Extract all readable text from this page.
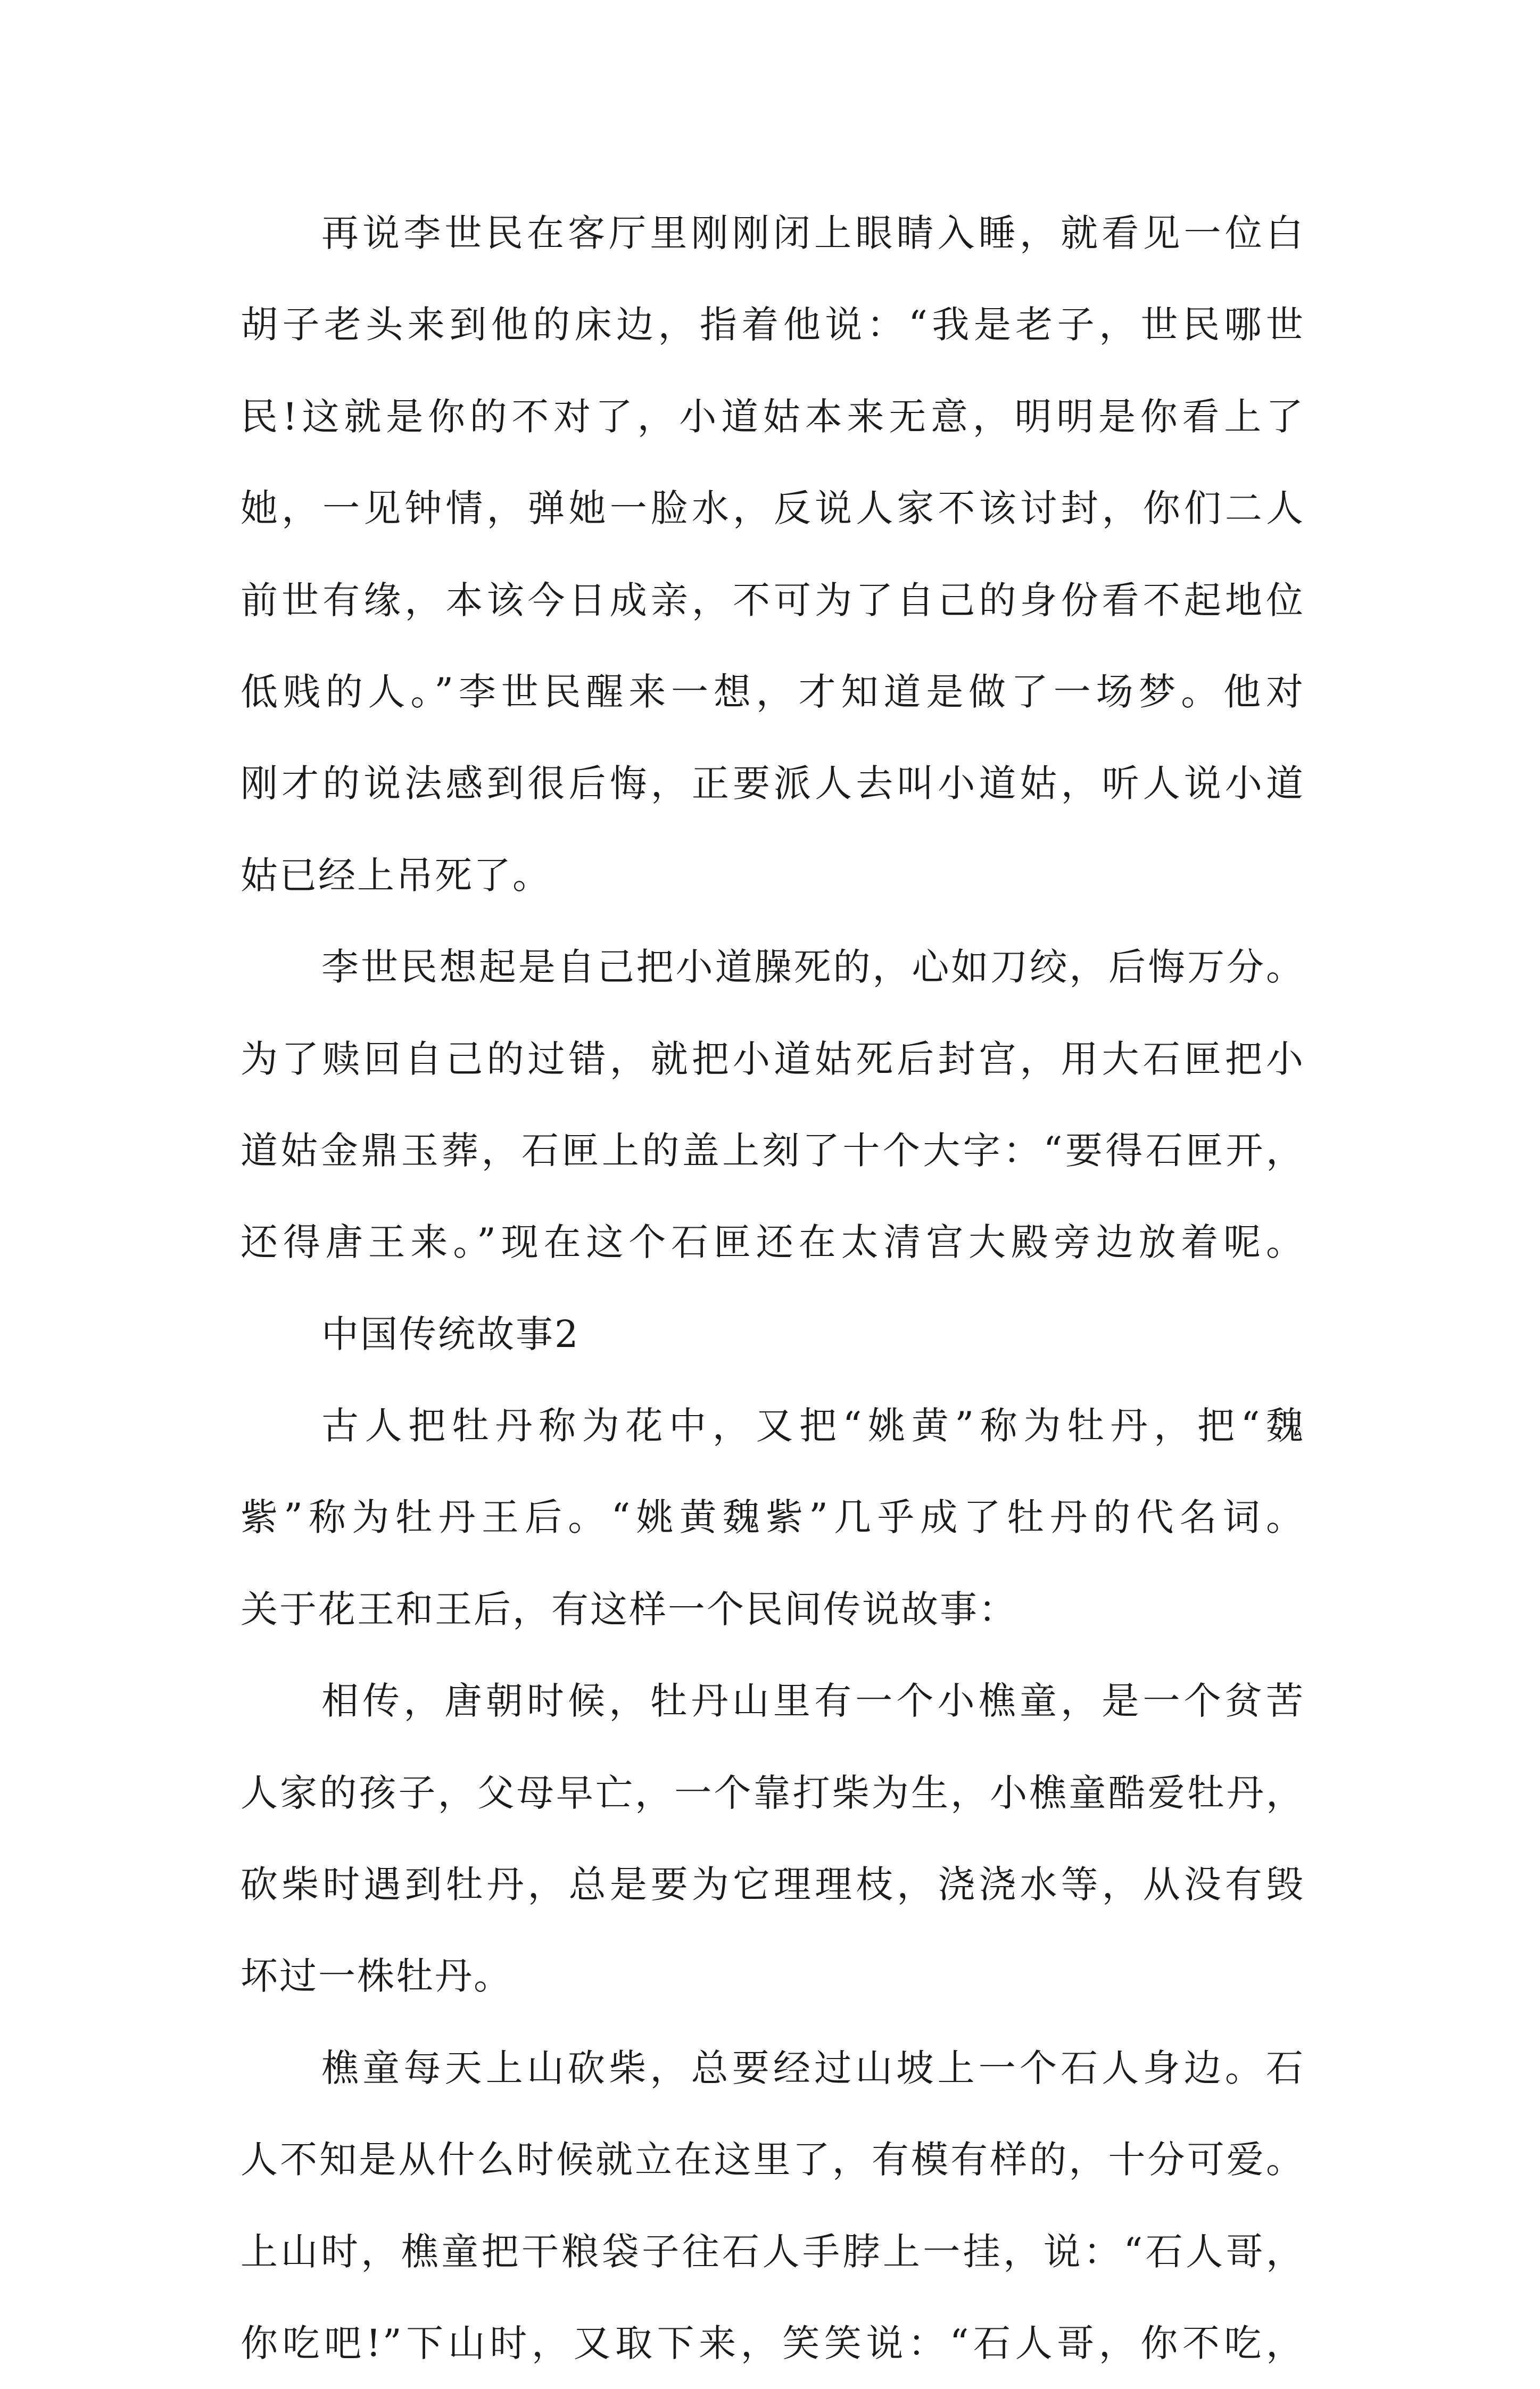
再说李世民在客厅里刚刚闭上眼睛入睡，就看见一位白
胡子老头来到他的床边，指着他说：“我是老子，世民哪世
民!这就是你的不对了，小道姑本来无意，明明是你看上了
她，一见钟情，弹她一脸水，反说人家不该讨封，你们二人
前世有缘，本该今日成亲，不可为了自己的身份看不起地位
低贱的人。”李世民醒来一想，才知道是做了一场梦。他对
刚才的说法感到很后悔，正要派人去叫小道姑，听人说小道
姑已经上吊死了。
李世民想起是自己把小道臊死的，心如刀绞，后悔万分。
为了赎回自己的过错，就把小道姑死后封宫，用大石匣把小
道姑金鼎玉葬，石匣上的盖上刻了十个大字：“要得石匣开，
还得唐王来。”现在这个石匣还在太清宫大殿旁边放着呢。
中国传统故事2
古人把牡丹称为花中，又把“姚黄”称为牡丹，把“魏
紫”称为牡丹王后。“姚黄魏紫”几乎成了牡丹的代名词。
关于花王和王后，有这样一个民间传说故事：
相传，唐朝时候，牡丹山里有一个小樵童，是一个贫苦
人家的孩子，父母早亡，一个靠打柴为生，小樵童酷爱牡丹，
砍柴时遇到牡丹，总是要为它理理枝，浇浇水等，从没有毁
坏过一株牡丹。
樵童每天上山砍柴，总要经过山坡上一个石人身边。石
人不知是从什么时候就立在这里了，有模有样的，十分可爱。
上山时，樵童把干粮袋子往石人手脖上一挂，说：“石人哥，
你吃吧!”下山时，又取下来，笑笑说：“石人哥，你不吃，
